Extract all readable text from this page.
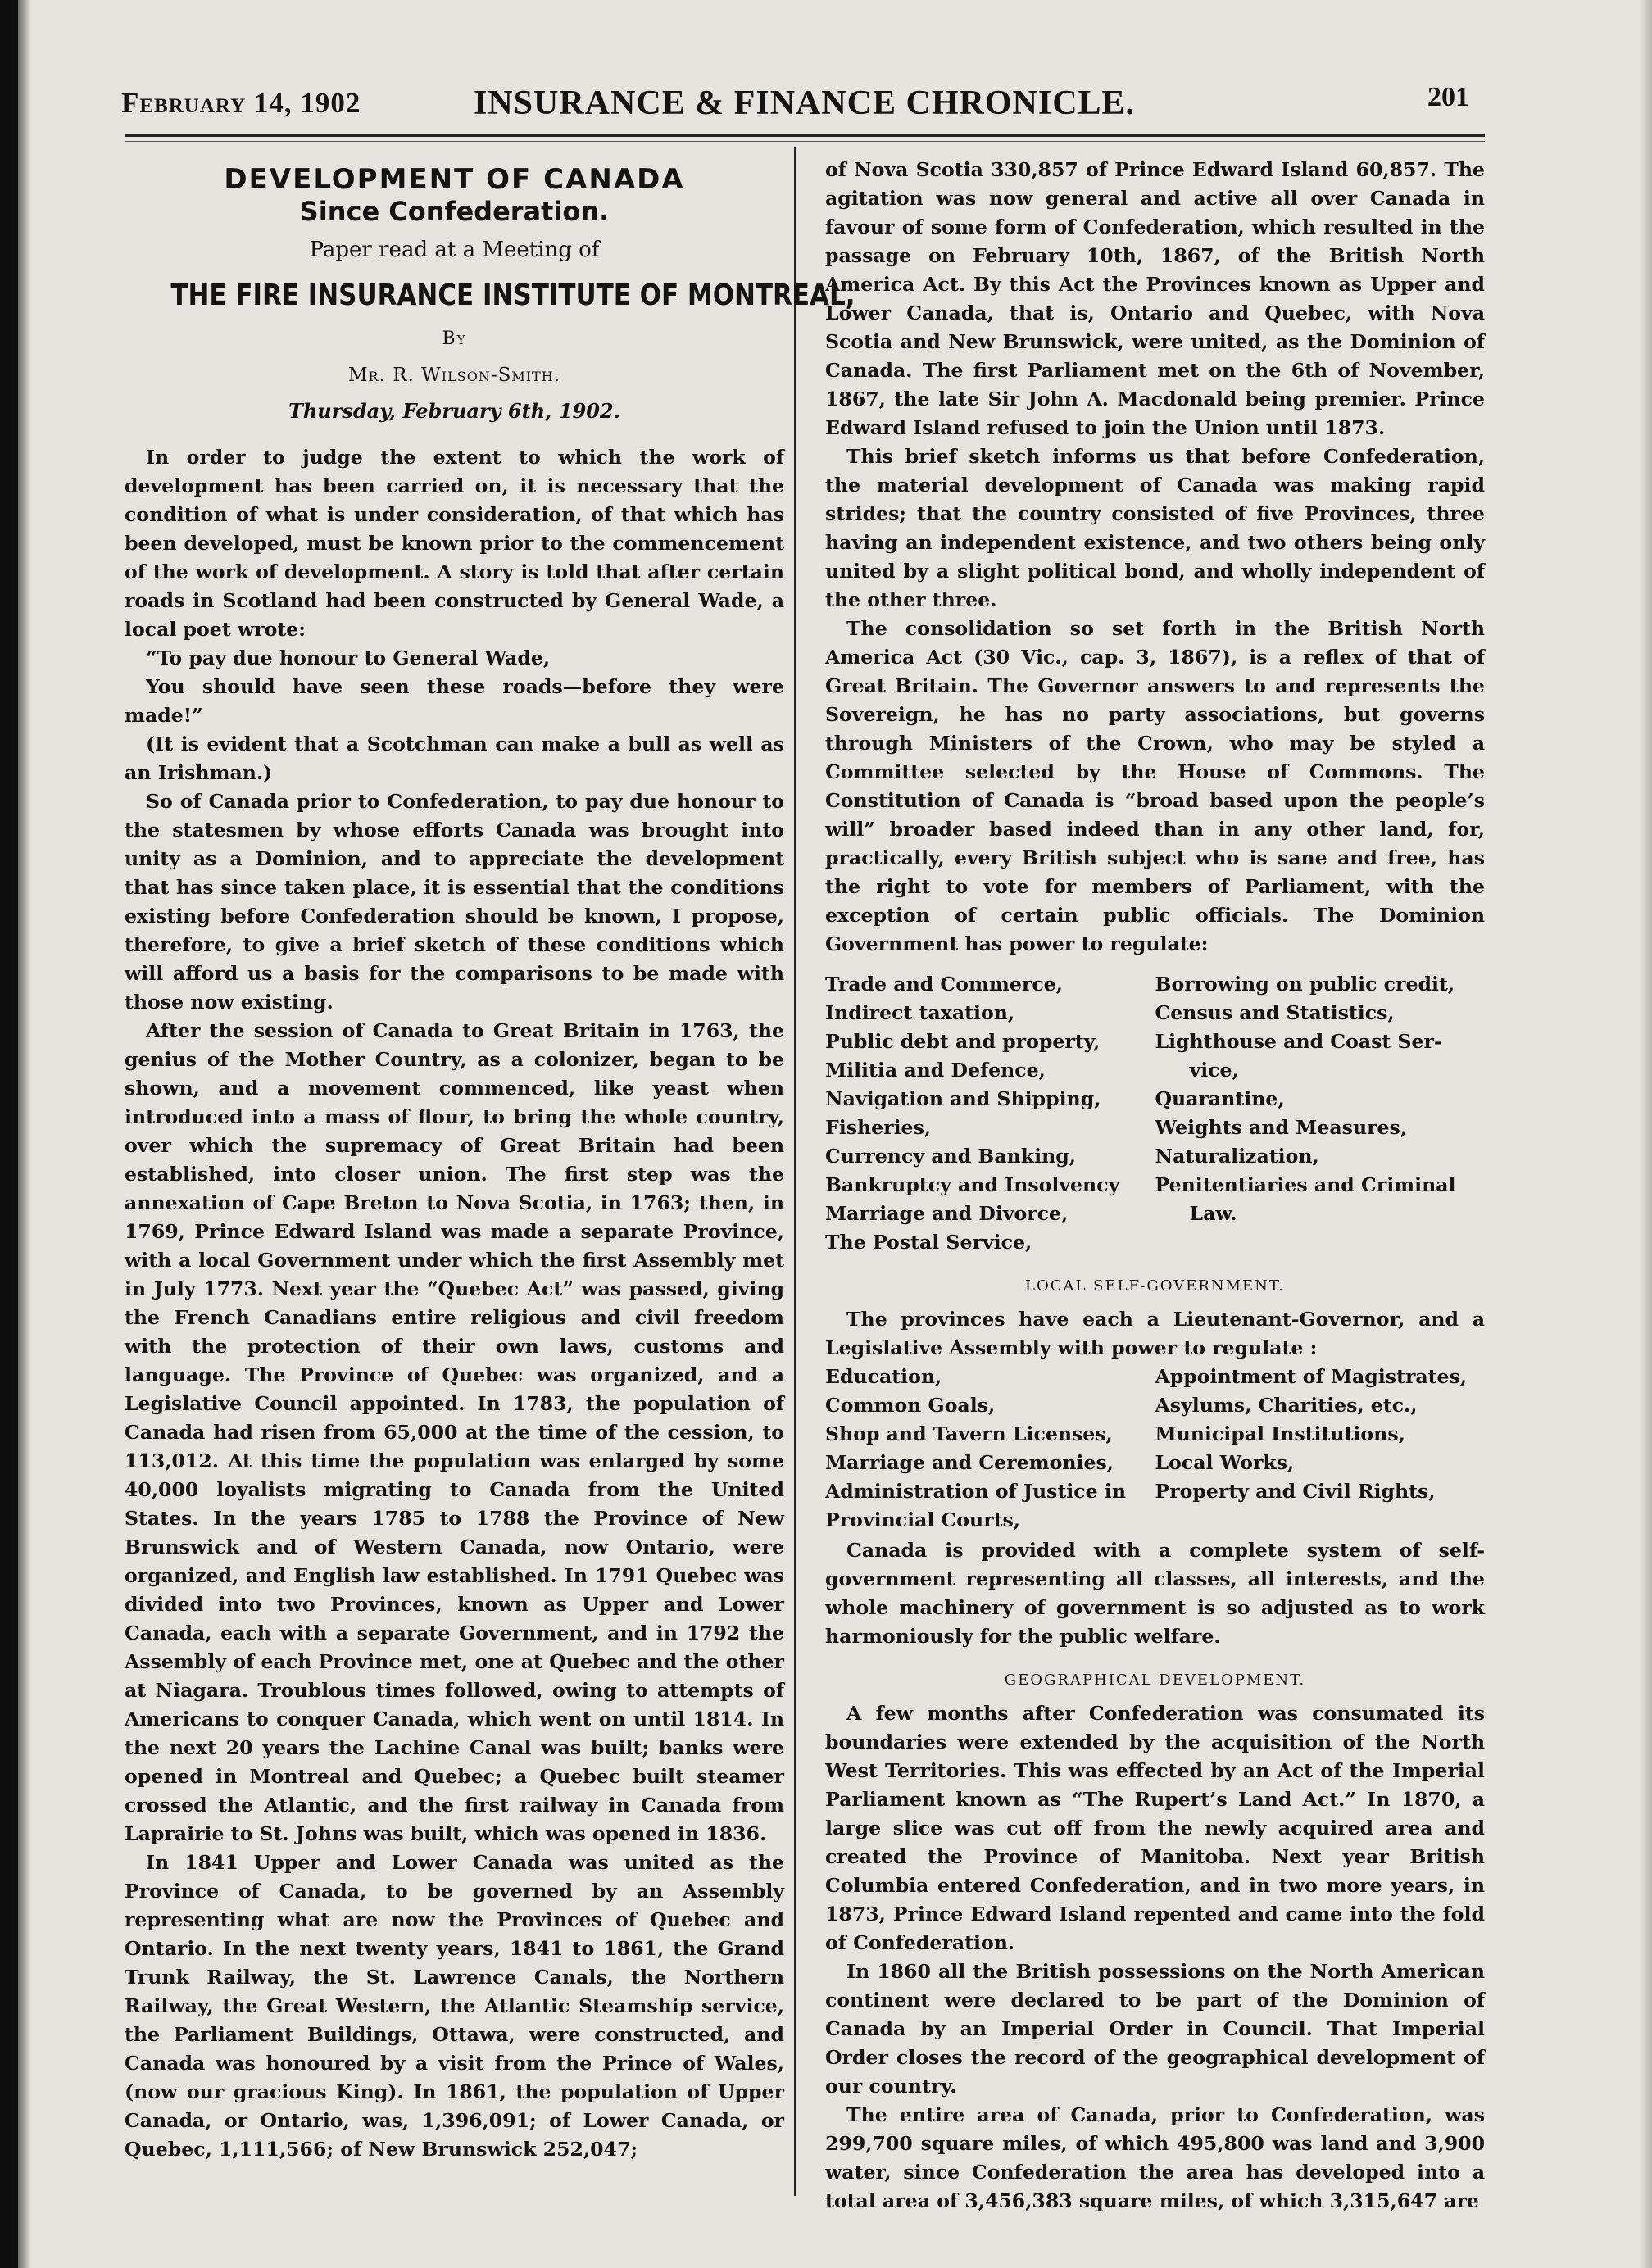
February 14, 1902	INSURANCE & FINANCE CHRONICLE.	201
DEVELOPMENT OF CANADA
Since Confederation.
Paper read at a Meeting of
THE FIRE INSURANCE INSTITUTE OF MONTREAL,
By
Mr. R. Wilson-Smith.
Thursday, February 6th, 1902.

In order to judge the extent to which the work of development has been carried on, it is necessary that the condition of what is under consideration, of that which has been developed, must be known prior to the commencement of the work of development. A story is told that after certain roads in Scotland had been constructed by General Wade, a local poet wrote:

“To pay due honour to General Wade,

You should have seen these roads—before they were made!”

(It is evident that a Scotchman can make a bull as well as an Irishman.)

So of Canada prior to Confederation, to pay due honour to the statesmen by whose efforts Canada was brought into unity as a Dominion, and to appreciate the development that has since taken place, it is essential that the conditions existing before Confederation should be known, I propose, therefore, to give a brief sketch of these conditions which will afford us a basis for the comparisons to be made with those now existing.

After the session of Canada to Great Britain in 1763, the genius of the Mother Country, as a colonizer, began to be shown, and a movement commenced, like yeast when introduced into a mass of flour, to bring the whole country, over which the supremacy of Great Britain had been established, into closer union. The first step was the annexation of Cape Breton to Nova Scotia, in 1763; then, in 1769, Prince Edward Island was made a separate Province, with a local Government under which the first Assembly met in July 1773. Next year the “Quebec Act” was passed, giving the French Canadians entire religious and civil freedom with the protection of their own laws, customs and language. The Province of Quebec was organized, and a Legislative Council appointed. In 1783, the population of Canada had risen from 65,000 at the time of the cession, to 113,012. At this time the population was enlarged by some 40,000 loyalists migrating to Canada from the United States. In the years 1785 to 1788 the Province of New Brunswick and of Western Canada, now Ontario, were organized, and English law established. In 1791 Quebec was divided into two Provinces, known as Upper and Lower Canada, each with a separate Government, and in 1792 the Assembly of each Province met, one at Quebec and the other at Niagara. Troublous times followed, owing to attempts of Americans to conquer Canada, which went on until 1814. In the next 20 years the Lachine Canal was built; banks were opened in Montreal and Quebec; a Quebec built steamer crossed the Atlantic, and the first railway in Canada from Laprairie to St. Johns was built, which was opened in 1836.

In 1841 Upper and Lower Canada was united as the Province of Canada, to be governed by an Assembly representing what are now the Provinces of Quebec and Ontario. In the next twenty years, 1841 to 1861, the Grand Trunk Railway, the St. Lawrence Canals, the Northern Railway, the Great Western, the Atlantic Steamship service, the Parliament Buildings, Ottawa, were constructed, and Canada was honoured by a visit from the Prince of Wales, (now our gracious King). In 1861, the population of Upper Canada, or Ontario, was, 1,396,091; of Lower Canada, or Quebec, 1,111,566; of New Brunswick 252,047;

of Nova Scotia 330,857 of Prince Edward Island 60,857. The agitation was now general and active all over Canada in favour of some form of Confederation, which resulted in the passage on February 10th, 1867, of the British North America Act. By this Act the Provinces known as Upper and Lower Canada, that is, Ontario and Quebec, with Nova Scotia and New Brunswick, were united, as the Dominion of Canada. The first Parliament met on the 6th of November, 1867, the late Sir John A. Macdonald being premier. Prince Edward Island refused to join the Union until 1873.

This brief sketch informs us that before Confederation, the material development of Canada was making rapid strides; that the country consisted of five Provinces, three having an independent existence, and two others being only united by a slight political bond, and wholly independent of the other three.

The consolidation so set forth in the British North America Act (30 Vic., cap. 3, 1867), is a reflex of that of Great Britain. The Governor answers to and represents the Sovereign, he has no party associations, but governs through Ministers of the Crown, who may be styled a Committee selected by the House of Commons. The Constitution of Canada is “broad based upon the people’s will” broader based indeed than in any other land, for, practically, every British subject who is sane and free, has the right to vote for members of Parliament, with the exception of certain public officials. The Dominion Government has power to regulate:

Trade and Commerce,
Indirect taxation,
Public debt and property,
Militia and Defence,
Navigation and Shipping,
Fisheries,
Currency and Banking,
Bankruptcy and Insolvency
Marriage and Divorce,
The Postal Service,
Borrowing on public credit,
Census and Statistics,
Lighthouse and Coast Ser-
vice,
Quarantine,
Weights and Measures,
Naturalization,
Penitentiaries and Criminal
Law.
LOCAL SELF-GOVERNMENT.

The provinces have each a Lieutenant-Governor, and a Legislative Assembly with power to regulate :

Education,
Common Goals,
Shop and Tavern Licenses,
Marriage and Ceremonies,
Administration of Justice in
Provincial Courts,
Appointment of Magistrates,
Asylums, Charities, etc.,
Municipal Institutions,
Local Works,
Property and Civil Rights,

Canada is provided with a complete system of self-government representing all classes, all interests, and the whole machinery of government is so adjusted as to work harmoniously for the public welfare.

GEOGRAPHICAL DEVELOPMENT.

A few months after Confederation was consumated its boundaries were extended by the acquisition of the North West Territories. This was effected by an Act of the Imperial Parliament known as “The Rupert’s Land Act.” In 1870, a large slice was cut off from the newly acquired area and created the Province of Manitoba. Next year British Columbia entered Confederation, and in two more years, in 1873, Prince Edward Island repented and came into the fold of Confederation.

In 1860 all the British possessions on the North American continent were declared to be part of the Dominion of Canada by an Imperial Order in Council. That Imperial Order closes the record of the geographical development of our country.

The entire area of Canada, prior to Confederation, was 299,700 square miles, of which 495,800 was land and 3,900 water, since Confederation the area has developed into a total area of 3,456,383 square miles, of which 3,315,647 are
